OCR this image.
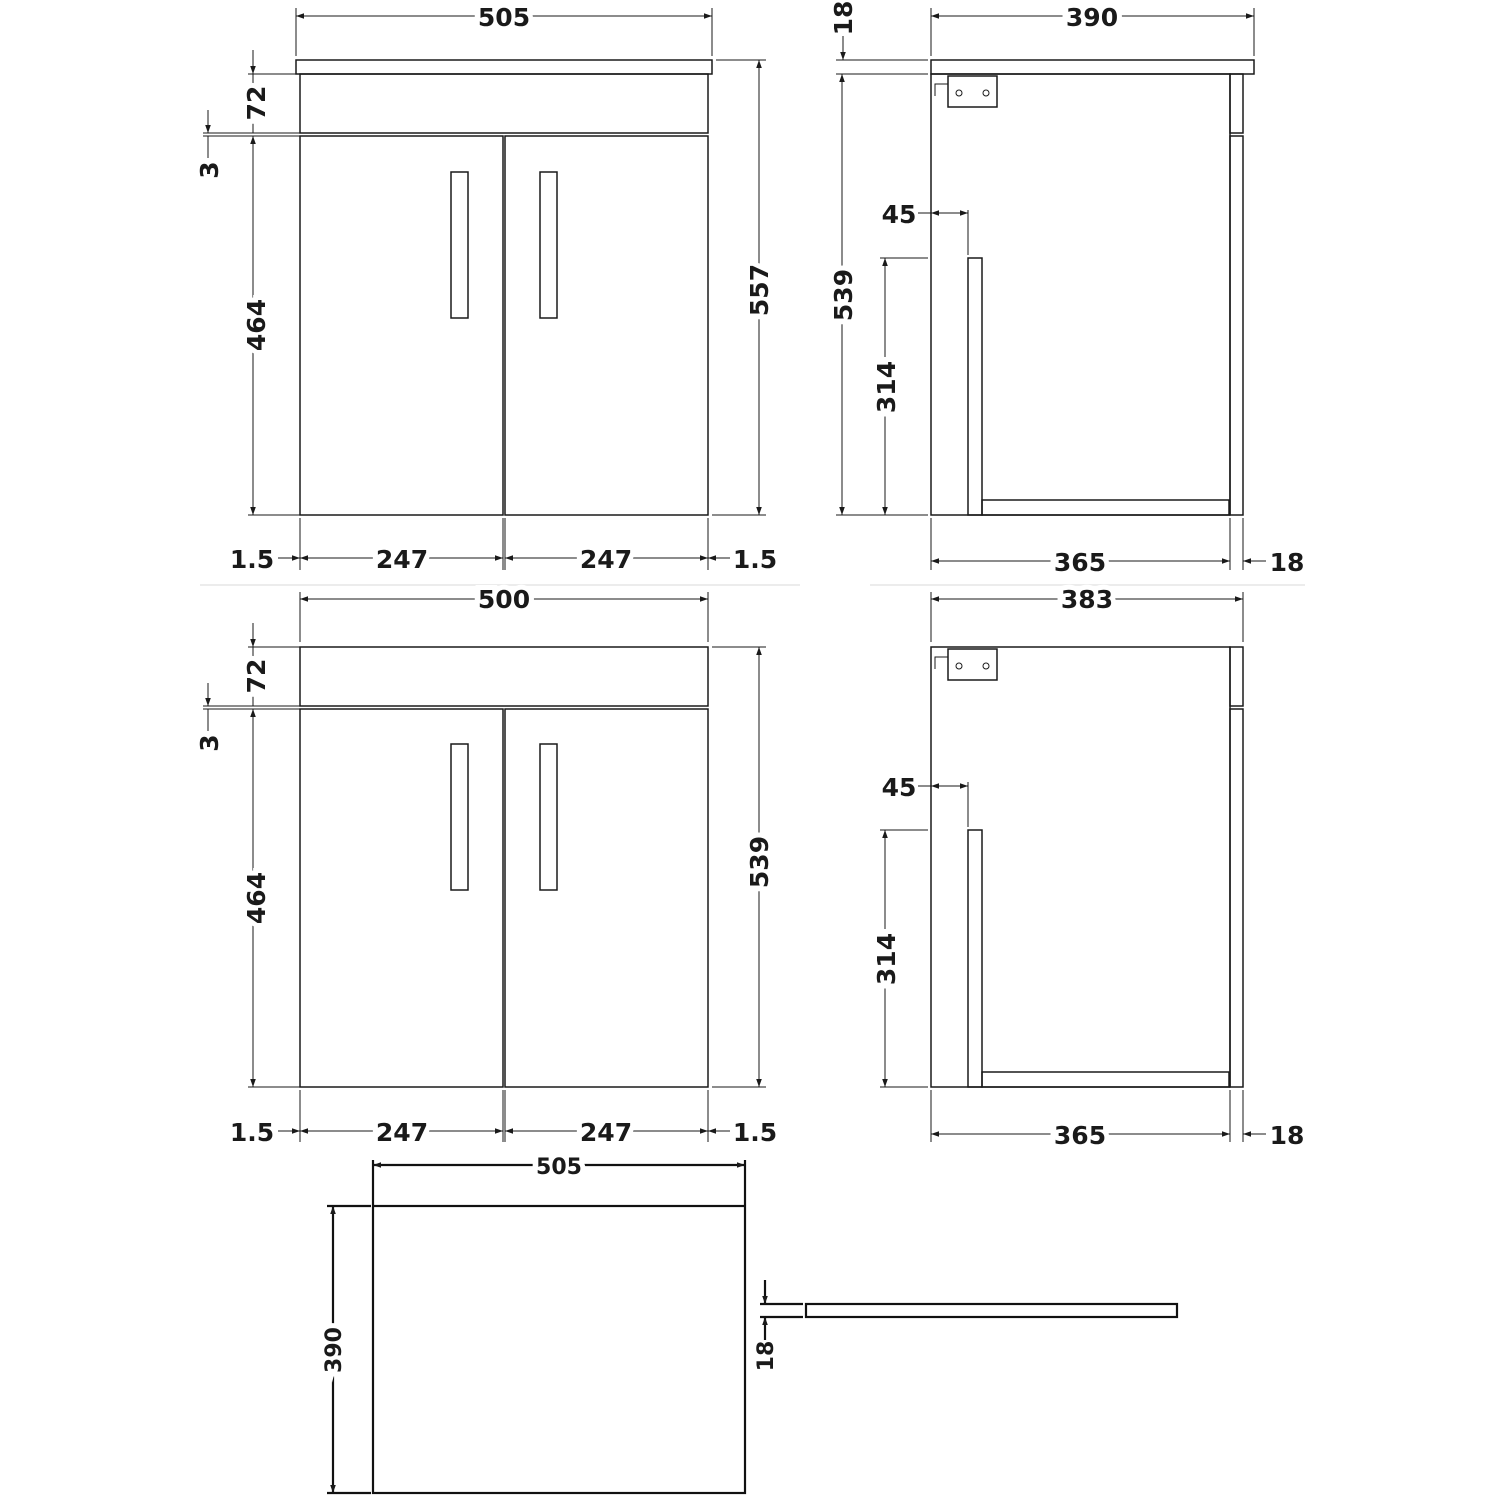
505
72
3
464
557
1.5	247	247	1.5
18	390
539
45
314
365	18
500
72
3
464
539
1.5	247	247	1.5
383
45
314
365	18
505
390	18
